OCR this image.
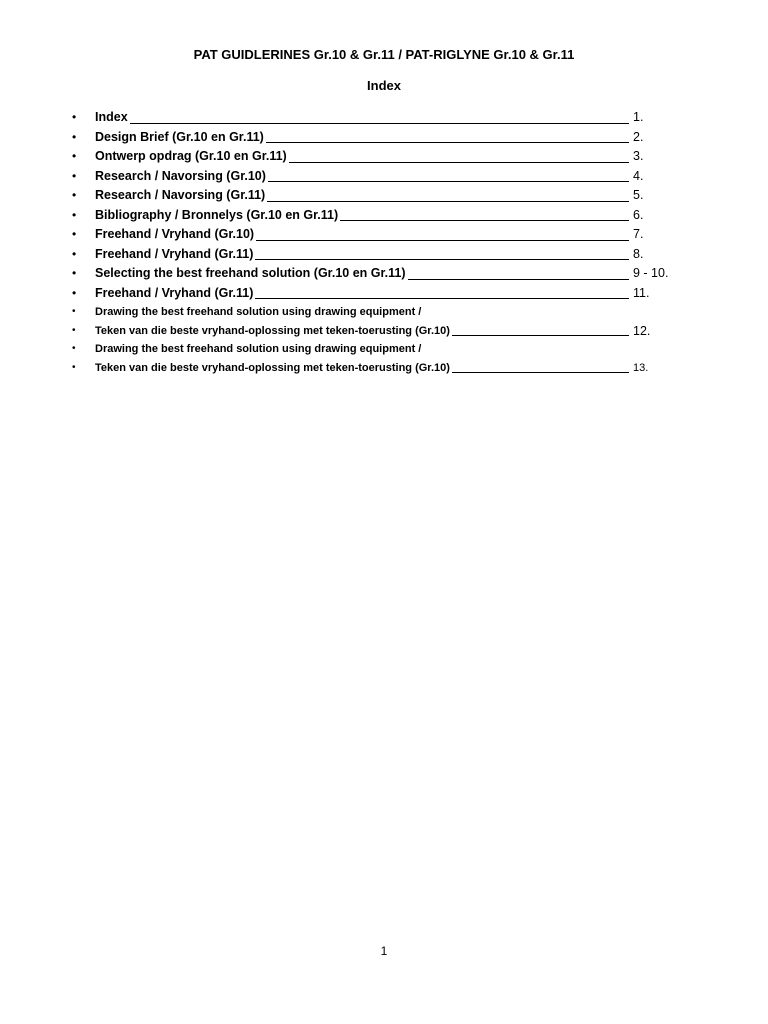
PAT GUIDLERINES Gr.10 & Gr.11 / PAT-RIGLYNE Gr.10 & Gr.11
Index
• Index	1.
• Design Brief (Gr.10 en Gr.11)	2.
• Ontwerp opdrag (Gr.10 en Gr.11)	3.
• Research / Navorsing (Gr.10)	4.
• Research / Navorsing (Gr.11)	5.
• Bibliography / Bronnelys (Gr.10 en Gr.11)	6.
• Freehand / Vryhand (Gr.10)	7.
• Freehand / Vryhand (Gr.11)	8.
• Selecting the best freehand solution (Gr.10 en Gr.11)	9 - 10.
• Freehand / Vryhand (Gr.11)	11.
• Drawing the best freehand solution using drawing equipment /
• Teken van die beste vryhand-oplossing met teken-toerusting (Gr.10)	12.
• Drawing the best freehand solution using drawing equipment /
• Teken van die beste vryhand-oplossing met teken-toerusting (Gr.10)	13.
1
